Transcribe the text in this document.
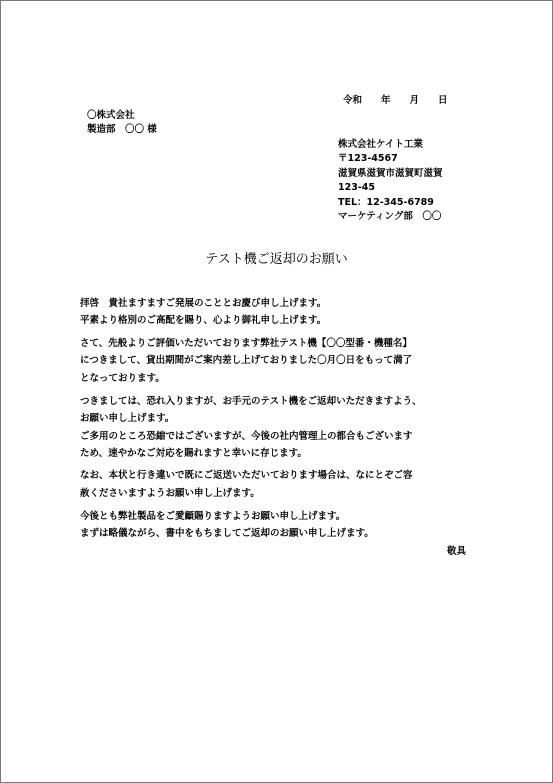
令和　　年　　月　　日
〇株式会社
製造部　〇〇 様
株式会社ケイト工業
〒123-4567
滋賀県滋賀市滋賀町滋賀
123-45
TEL：12-345-6789
マーケティング部　〇〇
テスト機ご返却のお願い
拝啓　貴社ますますご発展のこととお慶び申し上げます。
平素より格別のご高配を賜り、心より御礼申し上げます。
さて、先般よりご評価いただいております弊社テスト機【〇〇型番・機種名】
につきまして、貸出期間がご案内差し上げておりました〇月〇日をもって満了
となっております。
つきましては、恐れ入りますが、お手元のテスト機をご返却いただきますよう、
お願い申し上げます。
ご多用のところ恐縮ではございますが、今後の社内管理上の都合もございます
ため、速やかなご対応を賜れますと幸いに存じます。
なお、本状と行き違いで既にご返送いただいております場合は、なにとぞご容
赦くださいますようお願い申し上げます。
今後とも弊社製品をご愛顧賜りますようお願い申し上げます。
まずは略儀ながら、書中をもちましてご返却のお願い申し上げます。
敬具
